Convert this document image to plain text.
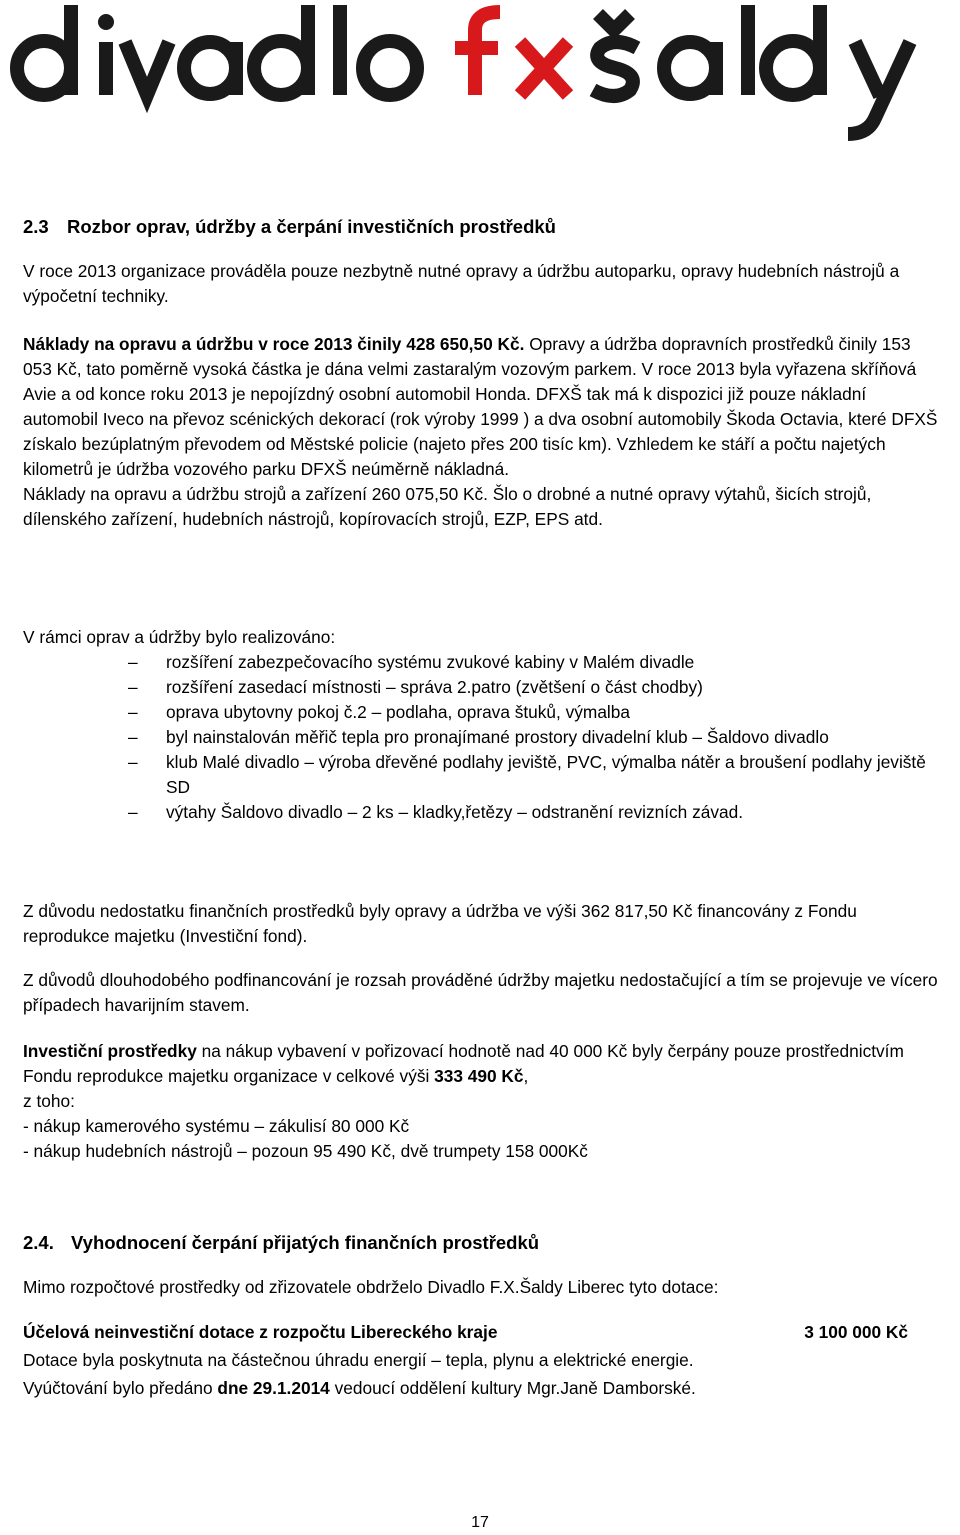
2.3 Rozbor oprav, údržby a čerpání investičních prostředků

V roce 2013 organizace prováděla pouze nezbytně nutné opravy a údržbu autoparku, opravy hudebních nástrojů a výpočetní techniky.

Náklady na opravu a údržbu v roce 2013 činily 428 650,50 Kč. Opravy a údržba dopravních prostředků činily 153 053 Kč, tato poměrně vysoká částka je dána velmi zastaralým vozovým parkem. V roce 2013 byla vyřazena skříňová Avie a od konce roku 2013 je nepojízdný osobní automobil Honda. DFXŠ tak má k dispozici již pouze nákladní automobil Iveco na převoz scénických dekorací (rok výroby 1999 ) a dva osobní automobily Škoda Octavia, které DFXŠ získalo bezúplatným převodem od Městské policie (najeto přes 200 tisíc km). Vzhledem ke stáří a počtu najetých kilometrů je údržba vozového parku DFXŠ neúměrně nákladná.
Náklady na opravu a údržbu strojů a zařízení 260 075,50 Kč. Šlo o drobné a nutné opravy výtahů, šicích strojů, dílenského zařízení, hudebních nástrojů, kopírovacích strojů, EZP, EPS atd.

V rámci oprav a údržby bylo realizováno:

– rozšíření zabezpečovacího systému zvukové kabiny v Malém divadle
– rozšíření zasedací místnosti – správa 2.patro (zvětšení o část chodby)
– oprava ubytovny pokoj č.2 – podlaha, oprava štuků, výmalba
– byl nainstalován měřič tepla pro pronajímané prostory divadelní klub – Šaldovo divadlo
– klub Malé divadlo – výroba dřevěné podlahy jeviště, PVC, výmalba nátěr a broušení podlahy jeviště SD
– výtahy Šaldovo divadlo – 2 ks – kladky,řetězy – odstranění revizních závad.

Z důvodu nedostatku finančních prostředků byly opravy a údržba ve výši 362 817,50 Kč financovány z Fondu reprodukce majetku (Investiční fond).

Z důvodů dlouhodobého podfinancování je rozsah prováděné údržby majetku nedostačující a tím se projevuje ve vícero případech havarijním stavem.

Investiční prostředky na nákup vybavení v pořizovací hodnotě nad 40 000 Kč byly čerpány pouze prostřednictvím Fondu reprodukce majetku organizace v celkové výši 333 490 Kč,
z toho:
- nákup kamerového systému – zákulisí 80 000 Kč
- nákup hudebních nástrojů – pozoun 95 490 Kč, dvě trumpety 158 000Kč

2.4. Vyhodnocení čerpání přijatých finančních prostředků

Mimo rozpočtové prostředky od zřizovatele obdrželo Divadlo F.X.Šaldy Liberec tyto dotace:

Účelová neinvestiční dotace z rozpočtu Libereckého kraje	3 100 000 Kč
Dotace byla poskytnuta na částečnou úhradu energií – tepla, plynu a elektrické energie.
Vyúčtování bylo předáno dne 29.1.2014 vedoucí oddělení kultury Mgr.Janě Damborské.
17
